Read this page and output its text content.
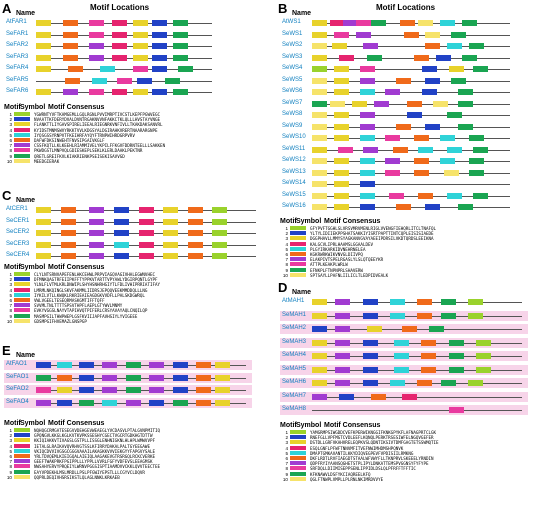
A Name
Motif Locations
AtFAR1
SeFAR1
SeFAR2
SeFAR3
SeFAR4
SeFAR5
SeFAR6
Motif Symbol Motif Consensus
1	YGWRNTYVFTKAMGEMLLGQLRGNLPVVIMRPTIVCSTLKEPFPGWVEGC
2	NVAATTKFDERYDVALDVNTRGAKNVVNFAKKCTKLQLLLHVSTAYVNGE
3	FLANKTTLIYGAVSPIRELIEEALRIEGNRKVNFIVLLTKAKDAKSANVRL
4	KYIDSTMNMSWVYRKKTVVLKDGSYALDGIRAHKVRERTNAARARGNPE
5	IYQSGSSYRNPVTFKEIHRFAYQYFTRNPWIHRDGRPVRV
6	DAFWFDKSINWEHTFNVSIPGAIVKGLF
7	CSSFKQTLLKLKEEHLRIAMMIVELYKPILFFKGVFDDRNTEELLLSAKKEN
8	PKWDGSTLMNPVQLGDIESKEPLSEKLKLERLDAAKLPEKTNR
9	QRETLGREIFKVLKIAKRIENKPSEISEKISAVVGD
10	MEEDGIERAK
B Name
Motif Locations
AtWS1
SeWS1
SeWS2
SeWS3
SeWS4
SeWS5
SeWS6
SeWS7
SeWS8
SeWS9
SeWS10
SeWS11
SeWS12
SeWS13
SeWS14
SeWS15
SeWS16
Motif Symbol Motif Consensus
1	GFYPVFTGGHLSLVRSVMRVMENLRIGLVVENGFIEHQRLITCLTNAFQL
2	YLTYLIDIIEKPPSHATSAKKIYISRTPAPTTINTCQPLEISISIAEDE
3	DGGPHAVLLMMYSYAGKANVGVAYAEEIPDRSILVKDTQRDSLEEIKNA
4	KALGCVLIPRLHAAMSLGGAALDEV
5	PLGYIRKARKIDVNEHRNELEA
6	KGKRWRKWIKVNVGLDIIVPQ
7	ELAKPIVTSPELRGASLYLSLQTQEEYKR
8	ATTPLKEAKPLWRLW
9	EFNKPLFTNPNPRLSHAVERW
10	SPTSAYLLPAFNLIILICLTLEDPIDVEALK
C Name
AtCER1
SeCER1
SeCER2
SeCER3
SeCER4
Motif Symbol Motif Consensus
1	CLYLNTSRNVAPEFENLHKCEHWLPRPVIAGQVAGIVHALEGWNVHEC
2	DFMNKQAGTRFEIIPKFFTYPPKVTARTTVPYAWLYDGIRPQNTLGYPF
3	YLNLFLVTMLKRLDNWIPLSHYHSNHRHGIYTLFDLIVHIPRRIATIFAY
4	LMRMLNKQINGLSKVFAKMMLIIDRSJEPQQVEEKMMDDQLLLNG
5	IYKILVTLLKWQKLRKRIEAIEAGDGKVVDFLLPALSKDGWRQL
6	VWLVGEELTESEQRMASKGMTIFFTQFF
7	SVVMLTNLTTTTSPSVTHPFLAEPLGTYWVLMNMY
8	EVKYVGGSLNAYVTAPIHVQTPIFERLCRSYAVAYAQLCNQILQP
9	MASMPGILTHWPWEPLGSFKVIIJAPFAVHSIYLYVIGEEE
10	GDSMPGIFHVEMAZLGNSPGP
D Name
AtMAH1
SeMAH1
SeMAH2
SeMAH3
SeMAH4
SeMAH5
SeMAH6
SeMAH7
SeMAH8
Motif Symbol Motif Consensus
1	YAMGRMPSIWGDDCVEFKPERWIKNGGIFKNKGPYKFLAFNAGPRTCLGK
2	RNEFGLLVPFMGTCVDLEEFLKQNQLPERKTRSESIWFELNGQVGEFER
3	DSTDLLGRFVKAHVRELEQPKVSLQDNTIKSIVTDMFGAGTETSSWMQTIE
4	ESQLGNFLPFWFTNNVMFITVEFNWIMHDMSHPQNVK
5	DMAPTGMKAVANTILKKYDIQVEGPEVFVPDISIILRMKNG
6	DKFLRDTLRVFIAEGDTSTAALWFVWYFLLTKNPRVLSKEEELYRNDIN
7	QDPFRYIYAANSQGHETSTPLIPYLDNKATTEMSPVGGNSYFYFYPE
8	SRFDQLLDIIMISEPPSENLIPPIDLDSLQLPFRFFTFFTIC
9	KFKNAWVLDSFYKCIAQREELKFQ
10	QGLFTNWPLVMPLLPLRNLNKIMRDVVYE
E Name
AtFAO1
SeFAO1
SeFAO2
SeFAO4
Motif Symbol Motif Consensus
1	NQHQGCRMGATESEGVVDEHGEVWEAEGLYVCDASVLPTALGVNPMITIQ
2	GPQNGVLKKGLKGLKVTKVPKSSESHYCGECTVGCRTGDKHGTDTTW
3	KKIQIAKKVTIVAGSLGSTPLLISSGLENHNIGKNLHLHPLWMWVVPF
4	IETALGLRAIKAVQVRHVGTSSLKFIRRYDAKALPALTGYEEGAWE
5	VKIQCDVVIVGSGCGGGVAAAILAKAGKKVVVIEKGYYFAPGVYSALE
6	YRLTDVQEMLKIEIGQALAIEIQLAAGAKEVGTRSRGQLRCKCVERKE
7	GEEFTWAKPRKFPGIPPLLLYPPLLVVRLFGFYVDFEVSLEEAGMSK
8	NWSAHYERVYPRQEIYLWRNVPGGSISPTIAAMDVVCKKLQVVTEECTEE
9	EAYVPDEKHLMSLMRDLLPSLPFGWIYEPSTLLLCGYVCLDQVR
10	QQPRLDEQIVHSRSIKSTLQLAGLNNKLKRKAEB
